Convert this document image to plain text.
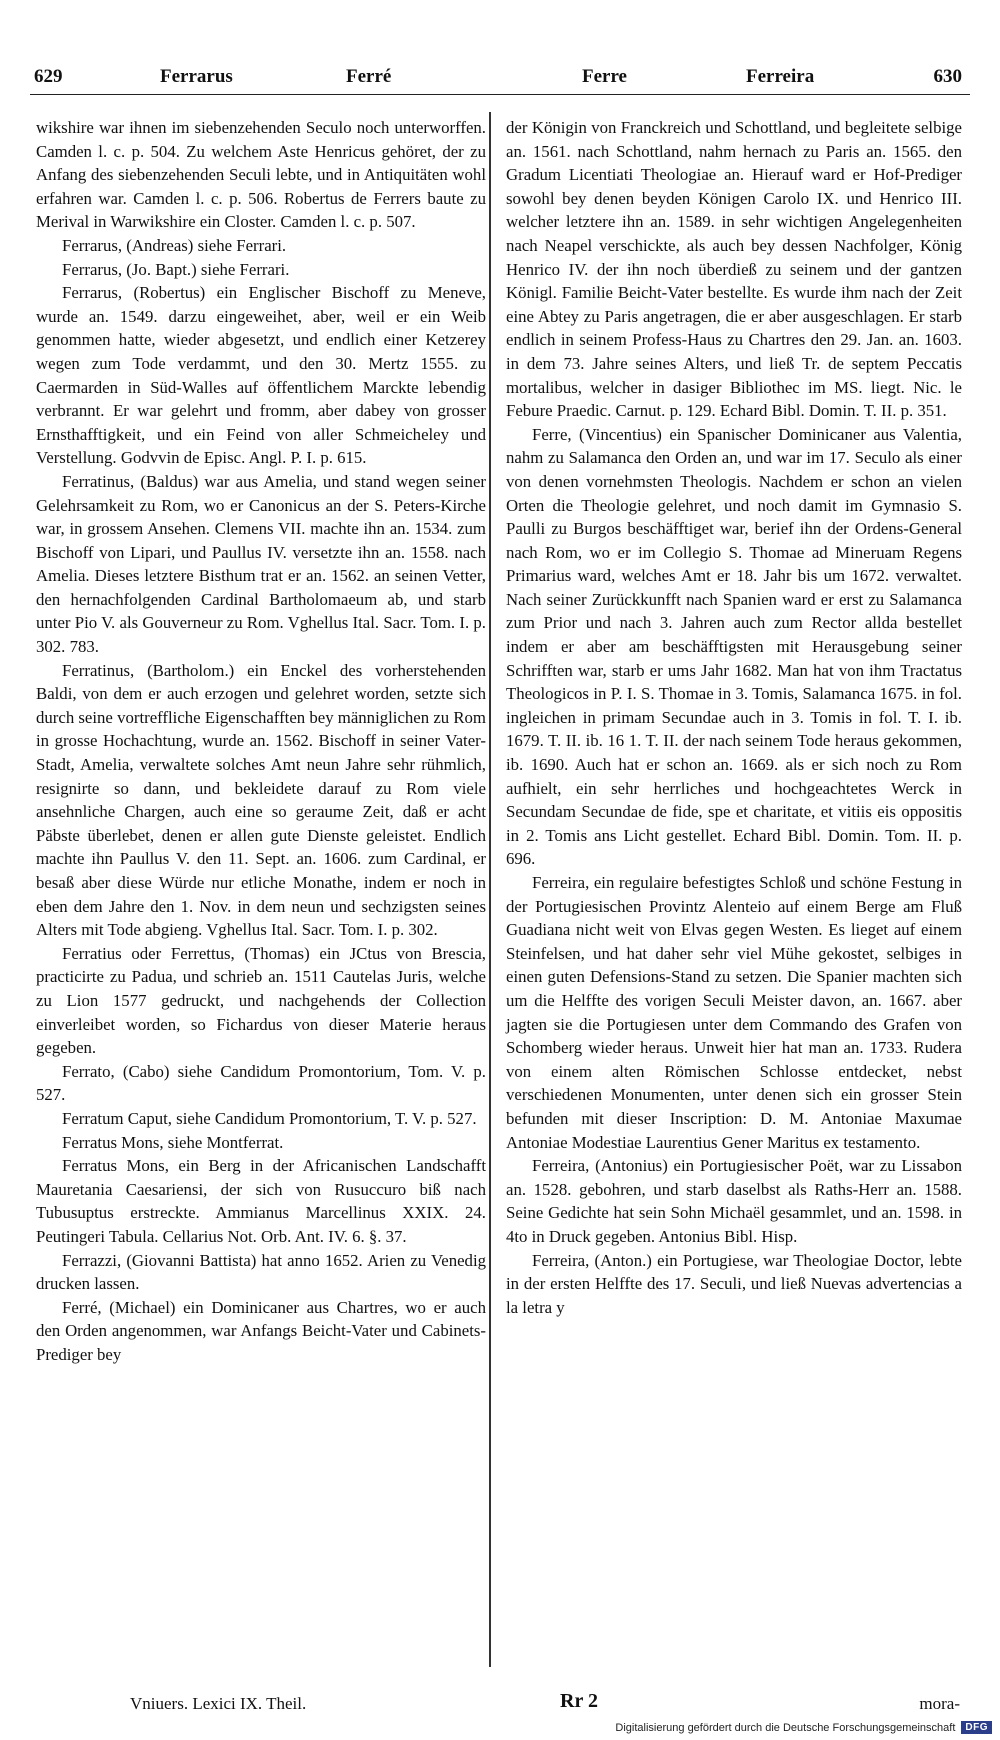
629	Ferrarus	Ferré	Ferre	Ferreira	630

wikshire war ihnen im siebenzehenden Seculo noch unterworffen. Camden l. c. p. 504. Zu welchem Aste Henricus gehöret, der zu Anfang des siebenzehenden Seculi lebte, und in Antiquitäten wohl erfahren war. Camden l. c. p. 506. Robertus de Ferrers baute zu Merival in Warwikshire ein Closter. Camden l. c. p. 507.

Ferrarus, (Andreas) siehe Ferrari.

Ferrarus, (Jo. Bapt.) siehe Ferrari.

Ferrarus, (Robertus) ein Englischer Bischoff zu Meneve, wurde an. 1549. darzu eingeweihet, aber, weil er ein Weib genommen hatte, wieder abgesetzt, und endlich einer Ketzerey wegen zum Tode verdammt, und den 30. Mertz 1555. zu Caermarden in Süd-Walles auf öffentlichem Marckte lebendig verbrannt. Er war gelehrt und fromm, aber dabey von grosser Ernsthafftigkeit, und ein Feind von aller Schmeicheley und Verstellung. Godvvin de Episc. Angl. P. I. p. 615.

Ferratinus, (Baldus) war aus Amelia, und stand wegen seiner Gelehrsamkeit zu Rom, wo er Canonicus an der S. Peters-Kirche war, in grossem Ansehen. Clemens VII. machte ihn an. 1534. zum Bischoff von Lipari, und Paullus IV. versetzte ihn an. 1558. nach Amelia. Dieses letztere Bisthum trat er an. 1562. an seinen Vetter, den hernachfolgenden Cardinal Bartholomaeum ab, und starb unter Pio V. als Gouverneur zu Rom. Vghellus Ital. Sacr. Tom. I. p. 302. 783.

Ferratinus, (Bartholom.) ein Enckel des vorherstehenden Baldi, von dem er auch erzogen und gelehret worden, setzte sich durch seine vortreffliche Eigenschafften bey männiglichen zu Rom in grosse Hochachtung, wurde an. 1562. Bischoff in seiner Vater-Stadt, Amelia, verwaltete solches Amt neun Jahre sehr rühmlich, resignirte so dann, und bekleidete darauf zu Rom viele ansehnliche Chargen, auch eine so geraume Zeit, daß er acht Päbste überlebet, denen er allen gute Dienste geleistet. Endlich machte ihn Paullus V. den 11. Sept. an. 1606. zum Cardinal, er besaß aber diese Würde nur etliche Monathe, indem er noch in eben dem Jahre den 1. Nov. in dem neun und sechzigsten seines Alters mit Tode abgieng. Vghellus Ital. Sacr. Tom. I. p. 302.

Ferratius oder Ferrettus, (Thomas) ein JCtus von Brescia, practicirte zu Padua, und schrieb an. 1511 Cautelas Juris, welche zu Lion 1577 gedruckt, und nachgehends der Collection einverleibet worden, so Fichardus von dieser Materie heraus gegeben.

Ferrato, (Cabo) siehe Candidum Promontorium, Tom. V. p. 527.

Ferratum Caput, siehe Candidum Promontorium, T. V. p. 527.

Ferratus Mons, siehe Montferrat.

Ferratus Mons, ein Berg in der Africanischen Landschafft Mauretania Caesariensi, der sich von Rusuccuro biß nach Tubusuptus erstreckte. Ammianus Marcellinus XXIX. 24. Peutingeri Tabula. Cellarius Not. Orb. Ant. IV. 6. §. 37.

Ferrazzi, (Giovanni Battista) hat anno 1652. Arien zu Venedig drucken lassen.

Ferré, (Michael) ein Dominicaner aus Chartres, wo er auch den Orden angenommen, war Anfangs Beicht-Vater und Cabinets-Prediger bey

der Königin von Franckreich und Schottland, und begleitete selbige an. 1561. nach Schottland, nahm hernach zu Paris an. 1565. den Gradum Licentiati Theologiae an. Hierauf ward er Hof-Prediger sowohl bey denen beyden Königen Carolo IX. und Henrico III. welcher letztere ihn an. 1589. in sehr wichtigen Angelegenheiten nach Neapel verschickte, als auch bey dessen Nachfolger, König Henrico IV. der ihn noch überdieß zu seinem und der gantzen Königl. Familie Beicht-Vater bestellte. Es wurde ihm nach der Zeit eine Abtey zu Paris angetragen, die er aber ausgeschlagen. Er starb endlich in seinem Profess-Haus zu Chartres den 29. Jan. an. 1603. in dem 73. Jahre seines Alters, und ließ Tr. de septem Peccatis mortalibus, welcher in dasiger Bibliothec im MS. liegt. Nic. le Febure Praedic. Carnut. p. 129. Echard Bibl. Domin. T. II. p. 351.

Ferre, (Vincentius) ein Spanischer Dominicaner aus Valentia, nahm zu Salamanca den Orden an, und war im 17. Seculo als einer von denen vornehmsten Theologis. Nachdem er schon an vielen Orten die Theologie gelehret, und noch damit im Gymnasio S. Paulli zu Burgos beschäfftiget war, berief ihn der Ordens-General nach Rom, wo er im Collegio S. Thomae ad Mineruam Regens Primarius ward, welches Amt er 18. Jahr bis um 1672. verwaltet. Nach seiner Zurückkunfft nach Spanien ward er erst zu Salamanca zum Prior und nach 3. Jahren auch zum Rector allda bestellet indem er aber am beschäfftigsten mit Herausgebung seiner Schrifften war, starb er ums Jahr 1682. Man hat von ihm Tractatus Theologicos in P. I. S. Thomae in 3. Tomis, Salamanca 1675. in fol. ingleichen in primam Secundae auch in 3. Tomis in fol. T. I. ib. 1679. T. II. ib. 16 1. T. II. der nach seinem Tode heraus gekommen, ib. 1690. Auch hat er schon an. 1669. als er sich noch zu Rom aufhielt, ein sehr herrliches und hochgeachtetes Werck in Secundam Secundae de fide, spe et charitate, et vitiis eis oppositis in 2. Tomis ans Licht gestellet. Echard Bibl. Domin. Tom. II. p. 696.

Ferreira, ein regulaire befestigtes Schloß und schöne Festung in der Portugiesischen Provintz Alenteio auf einem Berge am Fluß Guadiana nicht weit von Elvas gegen Westen. Es lieget auf einem Steinfelsen, und hat daher sehr viel Mühe gekostet, selbiges in einen guten Defensions-Stand zu setzen. Die Spanier machten sich um die Helffte des vorigen Seculi Meister davon, an. 1667. aber jagten sie die Portugiesen unter dem Commando des Grafen von Schomberg wieder heraus. Unweit hier hat man an. 1733. Rudera von einem alten Römischen Schlosse entdecket, nebst verschiedenen Monumenten, unter denen sich ein grosser Stein befunden mit dieser Inscription: D. M. Antoniae Maxumae Antoniae Modestiae Laurentius Gener Maritus ex testamento.

Ferreira, (Antonius) ein Portugiesischer Poët, war zu Lissabon an. 1528. gebohren, und starb daselbst als Raths-Herr an. 1588. Seine Gedichte hat sein Sohn Michaël gesammlet, und an. 1598. in 4to in Druck gegeben. Antonius Bibl. Hisp.

Ferreira, (Anton.) ein Portugiese, war Theologiae Doctor, lebte in der ersten Helffte des 17. Seculi, und ließ Nuevas advertencias a la letra y

Vniuers. Lexici IX. Theil.	Rr 2	mora-
Digitalisierung gefördert durch die Deutsche Forschungsgemeinschaft	DFG
